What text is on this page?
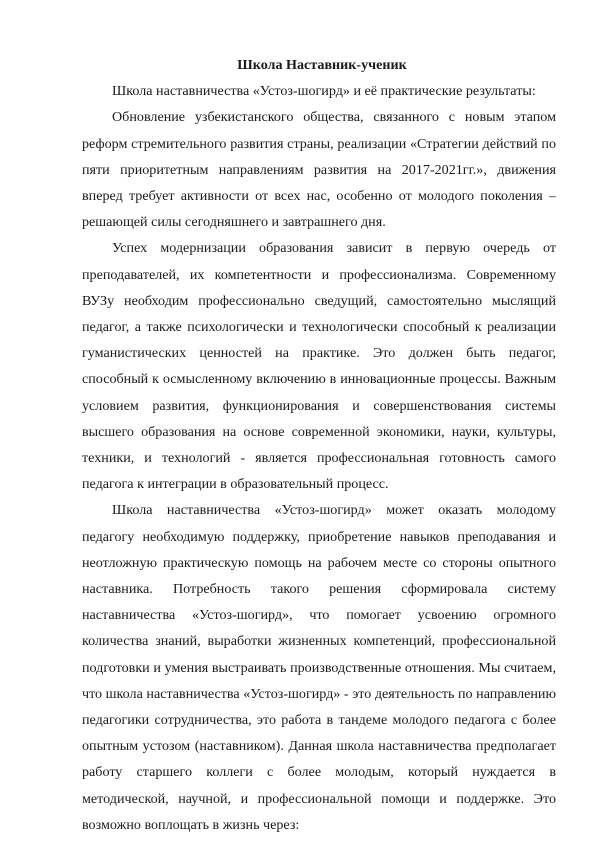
Школа Наставник-ученик

Школа наставничества «Устоз-шогирд» и её практические результаты:

Обновление узбекистанского общества, связанного с новым этапом реформ стремительного развития страны, реализации «Стратегии действий по пяти приоритетным направлениям развития на 2017-2021гг.», движения вперед требует активности от всех нас, особенно от молодого поколения – решающей силы сегодняшнего и завтрашнего дня.

Успех модернизации образования зависит в первую очередь от преподавателей, их компетентности и профессионализма. Современному ВУЗу необходим профессионально сведущий, самостоятельно мыслящий педагог, а также психологически и технологически способный к реализации гуманистических ценностей на практике. Это должен быть педагог, способный к осмысленному включению в инновационные процессы. Важным условием развития, функционирования и совершенствования системы высшего образования на основе современной экономики, науки, культуры, техники, и технологий - является профессиональная готовность самого педагога к интеграции в образовательный процесс.

Школа наставничества «Устоз-шогирд» может оказать молодому педагогу необходимую поддержку, приобретение навыков преподавания и неотложную практическую помощь на рабочем месте со стороны опытного наставника. Потребность такого решения сформировала систему наставничества «Устоз-шогирд», что помогает усвоению огромного количества знаний, выработки жизненных компетенций, профессиональной подготовки и умения выстраивать производственные отношения. Мы считаем, что школа наставничества «Устоз-шогирд» - это деятельность по направлению педагогики сотрудничества, это работа в тандеме молодого педагога с более опытным устозом (наставником). Данная школа наставничества предполагает работу старшего коллеги с более молодым, который нуждается в методической, научной, и профессиональной помощи и поддержке. Это возможно воплощать в жизнь через:
